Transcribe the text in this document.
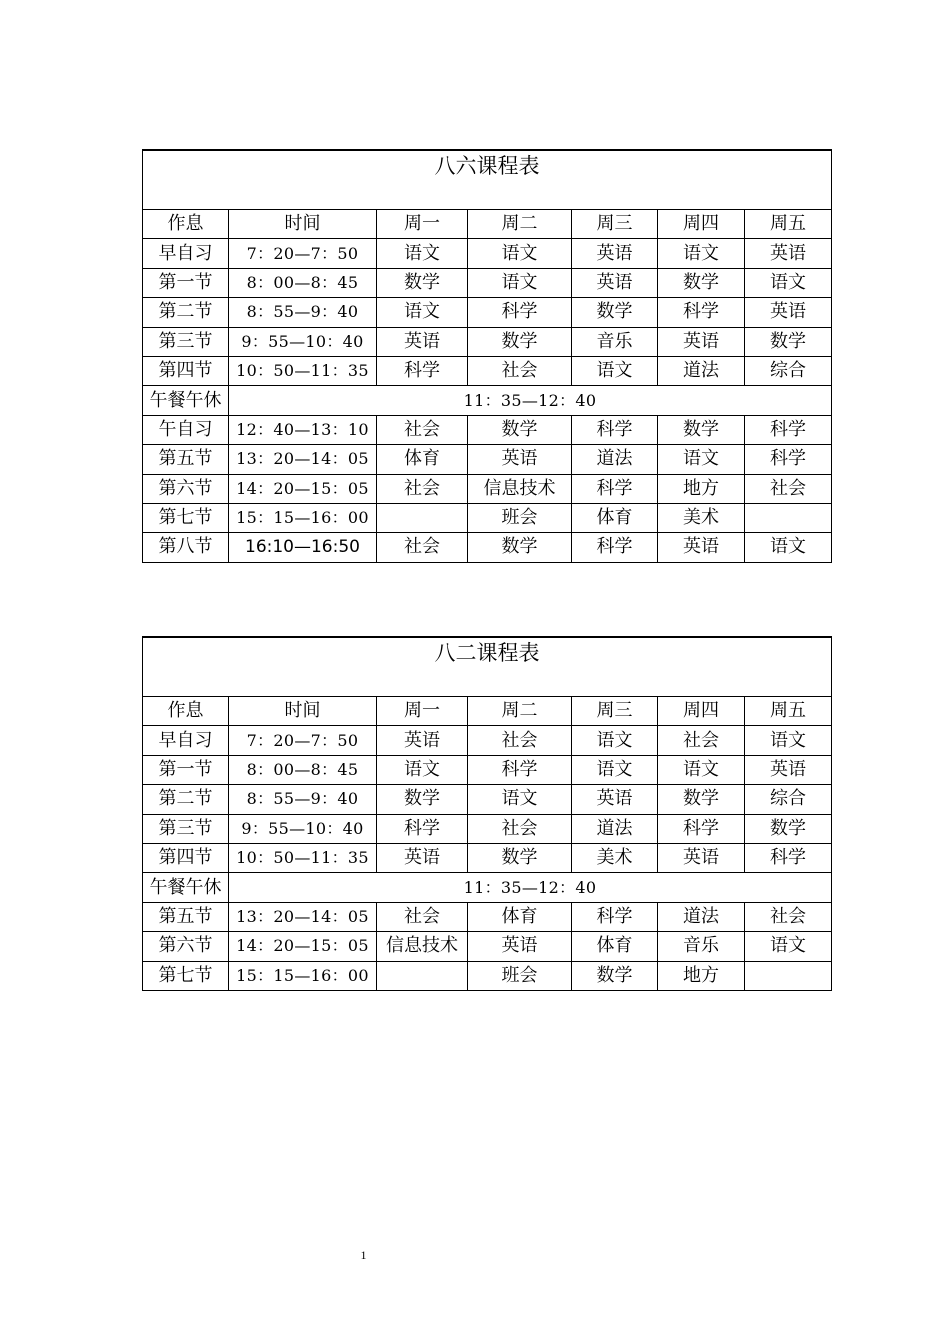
八六课程表						
作息	时间	周一	周二	周三	周四	周五
早自习	7：20—7：50	语文	语文	英语	语文	英语
第一节	8：00—8：45	数学	语文	英语	数学	语文
第二节	8：55—9：40	语文	科学	数学	科学	英语
第三节	9：55—10：40	英语	数学	音乐	英语	数学
第四节	10：50—11：35	科学	社会	语文	道法	综合
午餐午休	11：35—12：40					
午自习	12：40—13：10	社会	数学	科学	数学	科学
第五节	13：20—14：05	体育	英语	道法	语文	科学
第六节	14：20—15：05	社会	信息技术	科学	地方	社会
第七节	15：15—16：00		班会	体育	美术	
第八节	16:10—16:50	社会	数学	科学	英语	语文
八二课程表						
作息	时间	周一	周二	周三	周四	周五
早自习	7：20—7：50	英语	社会	语文	社会	语文
第一节	8：00—8：45	语文	科学	语文	语文	英语
第二节	8：55—9：40	数学	语文	英语	数学	综合
第三节	9：55—10：40	科学	社会	道法	科学	数学
第四节	10：50—11：35	英语	数学	美术	英语	科学
午餐午休	11：35—12：40					
第五节	13：20—14：05	社会	体育	科学	道法	社会
第六节	14：20—15：05	信息技术	英语	体育	音乐	语文
第七节	15：15—16：00		班会	数学	地方	
1
